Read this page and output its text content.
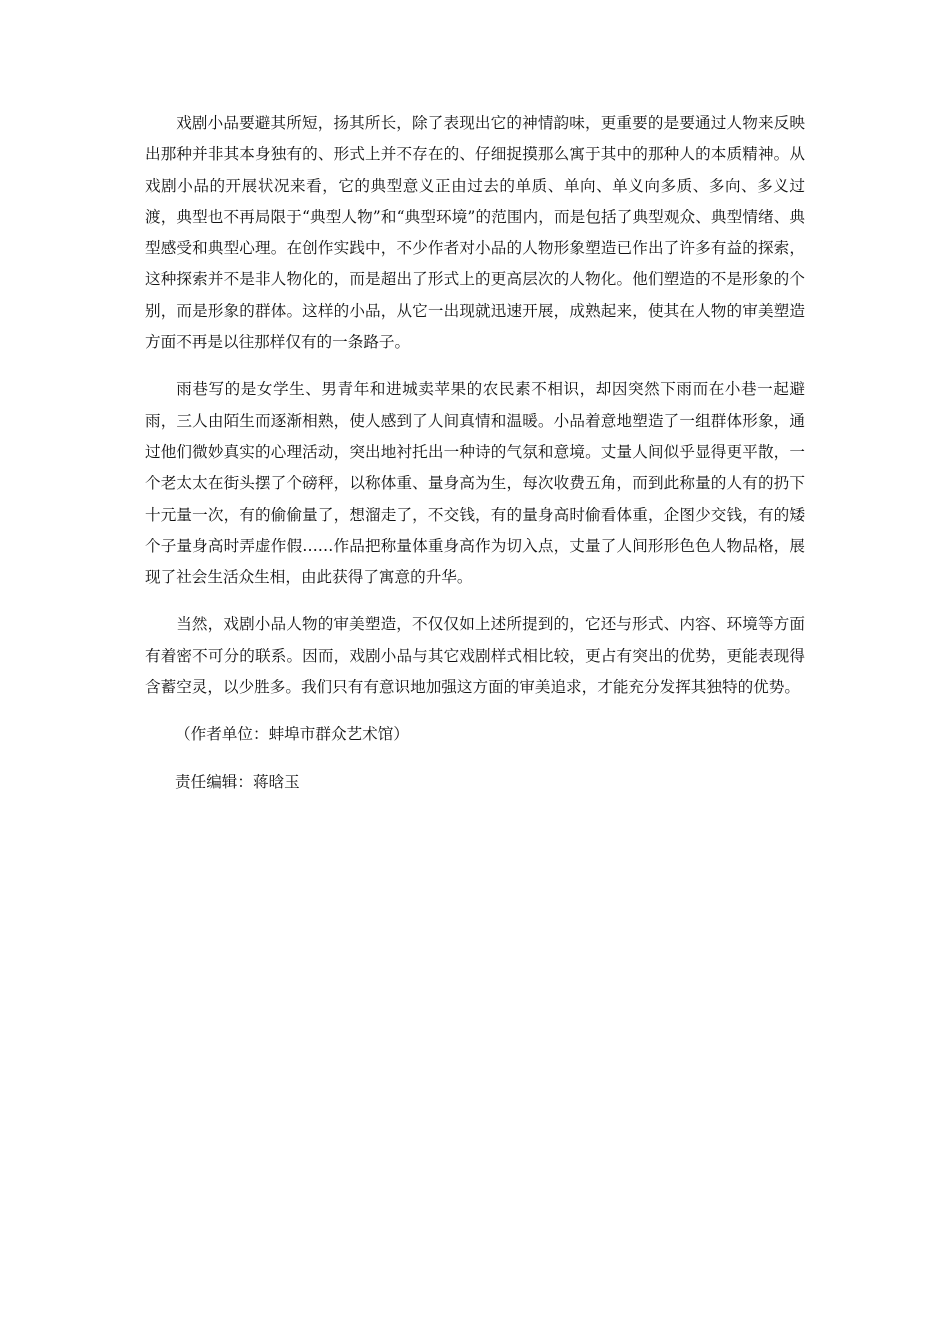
戏剧小品要避其所短，扬其所长，除了表现出它的神情韵味，更重要的是要通过人物来反映出那种并非其本身独有的、形式上并不存在的、仔细捉摸那么寓于其中的那种人的本质精神。从戏剧小品的开展状况来看，它的典型意义正由过去的单质、单向、单义向多质、多向、多义过渡，典型也不再局限于“典型人物”和“典型环境”的范围内，而是包括了典型观众、典型情绪、典型感受和典型心理。在创作实践中，不少作者对小品的人物形象塑造已作出了许多有益的探索，这种探索并不是非人物化的，而是超出了形式上的更高层次的人物化。他们塑造的不是形象的个别，而是形象的群体。这样的小品，从它一出现就迅速开展，成熟起来，使其在人物的审美塑造方面不再是以往那样仅有的一条路子。

雨巷写的是女学生、男青年和进城卖苹果的农民素不相识，却因突然下雨而在小巷一起避雨，三人由陌生而逐渐相熟，使人感到了人间真情和温暖。小品着意地塑造了一组群体形象，通过他们微妙真实的心理活动，突出地衬托出一种诗的气氛和意境。丈量人间似乎显得更平散，一个老太太在街头摆了个磅秤，以称体重、量身高为生，每次收费五角，而到此称量的人有的扔下十元量一次，有的偷偷量了，想溜走了，不交钱，有的量身高时偷看体重，企图少交钱，有的矮个子量身高时弄虚作假……作品把称量体重身高作为切入点，丈量了人间形形色色人物品格，展现了社会生活众生相，由此获得了寓意的升华。

当然，戏剧小品人物的审美塑造，不仅仅如上述所提到的，它还与形式、内容、环境等方面有着密不可分的联系。因而，戏剧小品与其它戏剧样式相比较，更占有突出的优势，更能表现得含蓄空灵，以少胜多。我们只有有意识地加强这方面的审美追求，才能充分发挥其独特的优势。

（作者单位：蚌埠市群众艺术馆）

责任编辑：蒋晗玉
